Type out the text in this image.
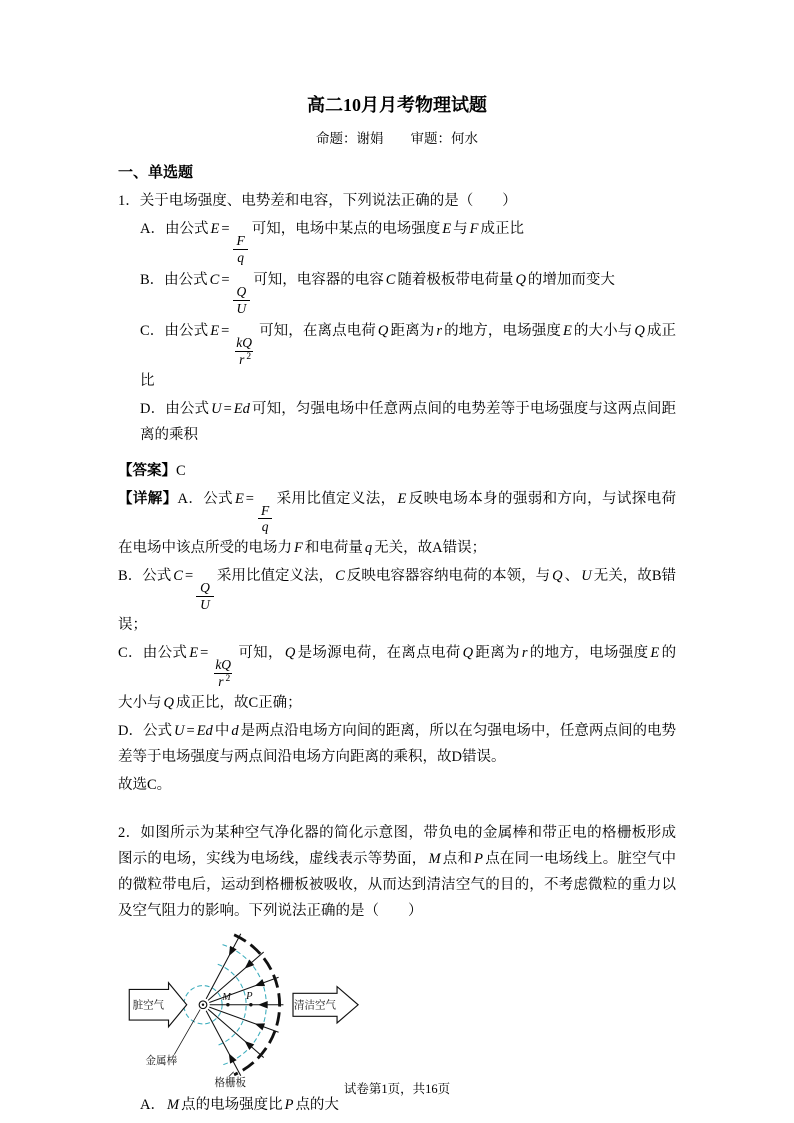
高二10月月考物理试题
命题：谢娟　　审题：何水
一、单选题

1．关于电场强度、电势差和电容，下列说法正确的是（　　）

A．由公式 E =
$\frac{F}{q}$
可知，电场中某点的电场强度 E 与 F 成正比

B．由公式 C =
$\frac{Q}{U}$
可知，电容器的电容 C 随着极板带电荷量 Q 的增加而变大

C．由公式 E =
$\frac{kQ}{r ^2}$
可知，在离点电荷 Q 距离为 r 的地方，电场强度 E 的大小与 Q 成正比

D．由公式 U = Ed 可知，匀强电场中任意两点间的电势差等于电场强度与这两点间距离的乘积

【答案】C

【详解】A．公式 E =
$\frac{F}{q}$
采用比值定义法， E 反映电场本身的强弱和方向，与试探电荷在电场中该点所受的电场力 F 和电荷量 q 无关，故A错误；

B．公式 C =
$\frac{Q}{U}$
采用比值定义法， C 反映电容器容纳电荷的本领，与 Q 、 U 无关，故B错误；

C．由公式 E =
$\frac{kQ}{r ^2}$
可知， Q 是场源电荷，在离点电荷 Q 距离为 r 的地方，电场强度 E 的大小与 Q 成正比，故C正确；

D．公式 U = Ed 中 d 是两点沿电场方向间的距离，所以在匀强电场中，任意两点间的电势差等于电场强度与两点间沿电场方向距离的乘积，故D错误。

故选C。

2．如图所示为某种空气净化器的简化示意图，带负电的金属棒和带正电的格栅板形成图示的电场，实线为电场线，虚线表示等势面， M 点和 P 点在同一电场线上。脏空气中的微粒带电后，运动到格栅板被吸收，从而达到清洁空气的目的，不考虑微粒的重力以及空气阻力的影响。下列说法正确的是（　　）

M P
脏空气	清洁空气
金属棒
格栅板

A． M 点的电场强度比 P 点的大

试卷第1页，共16页
